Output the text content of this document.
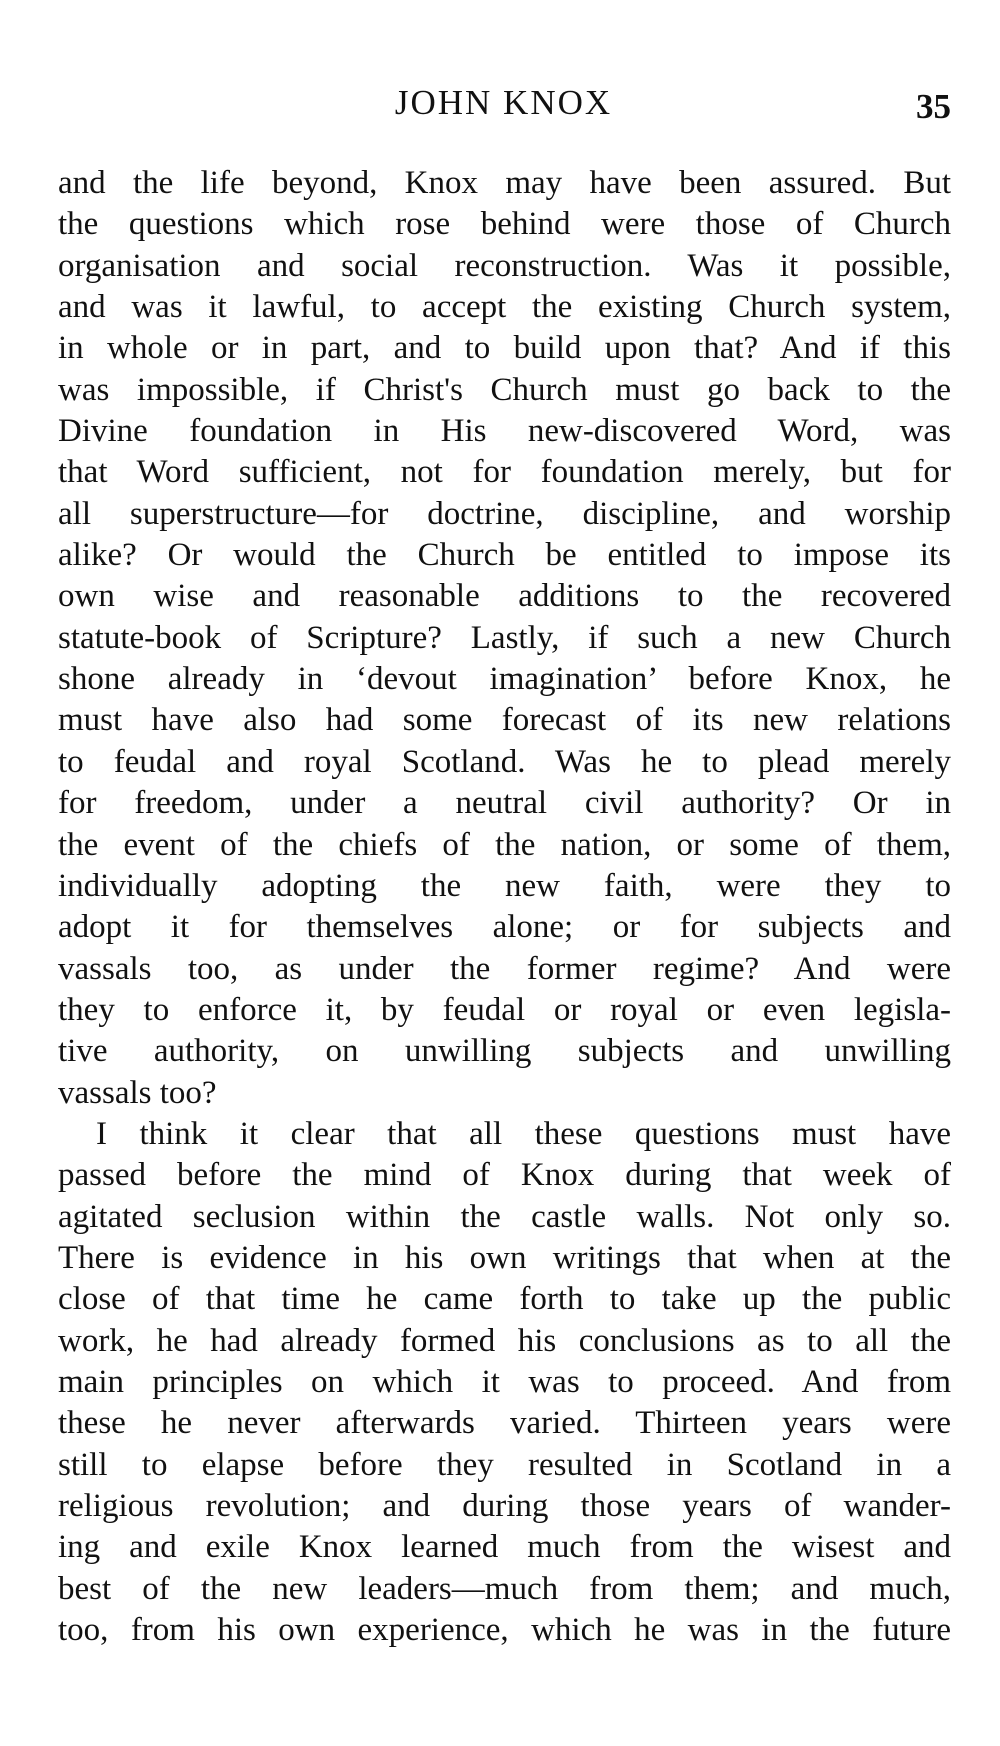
JOHN KNOX	35
and the life beyond, Knox may have been assured. But
the questions which rose behind were those of Church
organisation and social reconstruction. Was it possible,
and was it lawful, to accept the existing Church system,
in whole or in part, and to build upon that? And if this
was impossible, if Christ's Church must go back to the
Divine foundation in His new-discovered Word, was
that Word sufficient, not for foundation merely, but for
all superstructure—for doctrine, discipline, and worship
alike? Or would the Church be entitled to impose its
own wise and reasonable additions to the recovered
statute-book of Scripture? Lastly, if such a new Church
shone already in ‘devout imagination’ before Knox, he
must have also had some forecast of its new relations
to feudal and royal Scotland. Was he to plead merely
for freedom, under a neutral civil authority? Or in
the event of the chiefs of the nation, or some of them,
individually adopting the new faith, were they to
adopt it for themselves alone; or for subjects and
vassals too, as under the former regime? And were
they to enforce it, by feudal or royal or even legisla-
tive authority, on unwilling subjects and unwilling
vassals too?
I think it clear that all these questions must have
passed before the mind of Knox during that week of
agitated seclusion within the castle walls. Not only so.
There is evidence in his own writings that when at the
close of that time he came forth to take up the public
work, he had already formed his conclusions as to all the
main principles on which it was to proceed. And from
these he never afterwards varied. Thirteen years were
still to elapse before they resulted in Scotland in a
religious revolution; and during those years of wander-
ing and exile Knox learned much from the wisest and
best of the new leaders—much from them; and much,
too, from his own experience, which he was in the future
